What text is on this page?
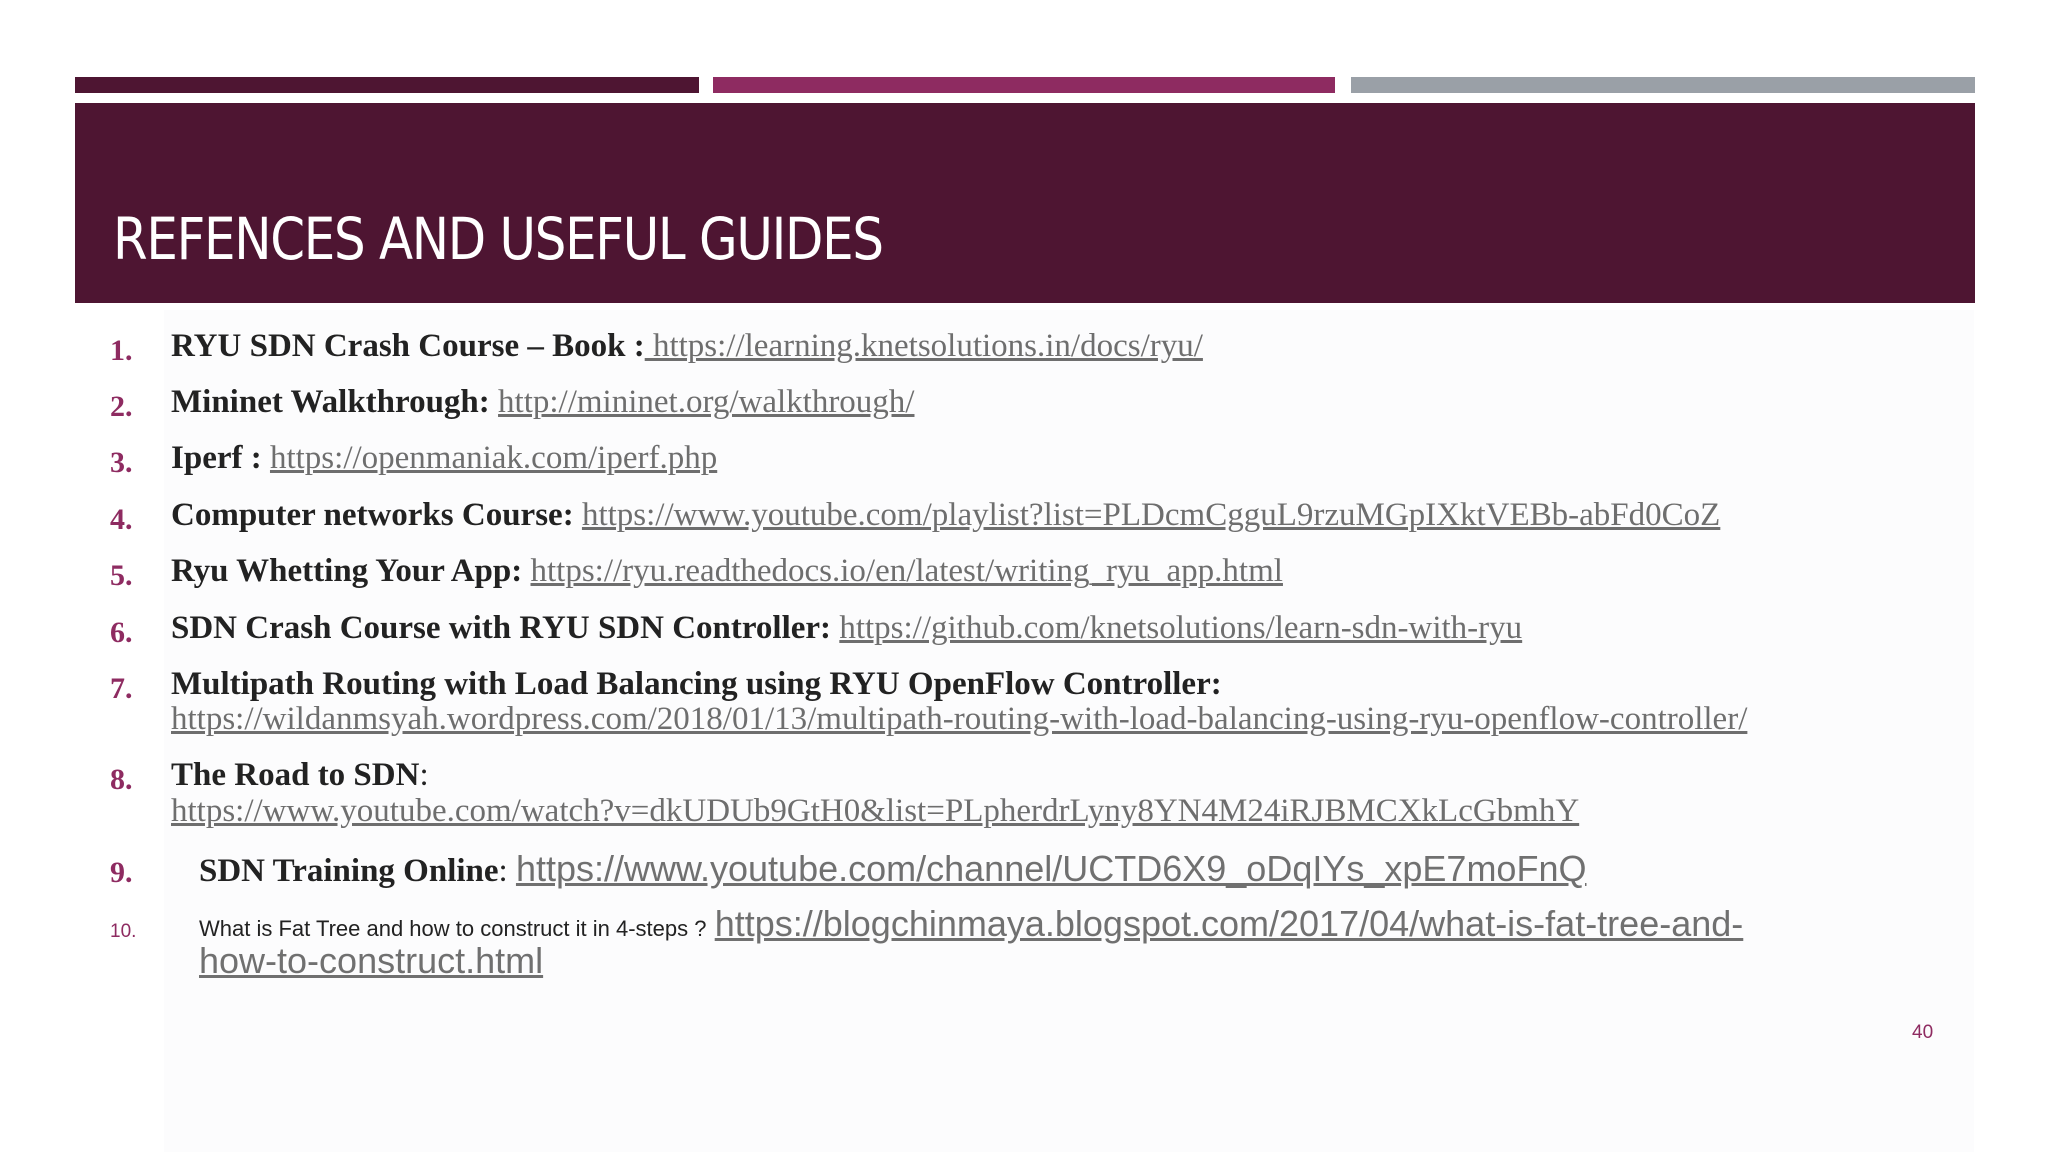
REFENCES AND USEFUL GUIDES
1.	RYU SDN Crash Course – Book : https://learning.knetsolutions.in/docs/ryu/
2.	Mininet Walkthrough: http://mininet.org/walkthrough/
3.	Iperf : https://openmaniak.com/iperf.php
4.	Computer networks Course: https://www.youtube.com/playlist?list=PLDcmCgguL9rzuMGpIXktVEBb-abFd0CoZ
5.	Ryu Whetting Your App: https://ryu.readthedocs.io/en/latest/writing_ryu_app.html
6.	SDN Crash Course with RYU SDN Controller: https://github.com/knetsolutions/learn-sdn-with-ryu
7.	Multipath Routing with Load Balancing using RYU OpenFlow Controller:
https://wildanmsyah.wordpress.com/2018/01/13/multipath-routing-with-load-balancing-using-ryu-openflow-controller/
8.	The Road to SDN:
https://www.youtube.com/watch?v=dkUDUb9GtH0&list=PLpherdrLyny8YN4M24iRJBMCXkLcGbmhY
9.	SDN Training Online: https://www.youtube.com/channel/UCTD6X9_oDqIYs_xpE7moFnQ
10.	What is Fat Tree and how to construct it in 4-steps ? https://blogchinmaya.blogspot.com/2017/04/what-is-fat-tree-and-
how-to-construct.html
40
